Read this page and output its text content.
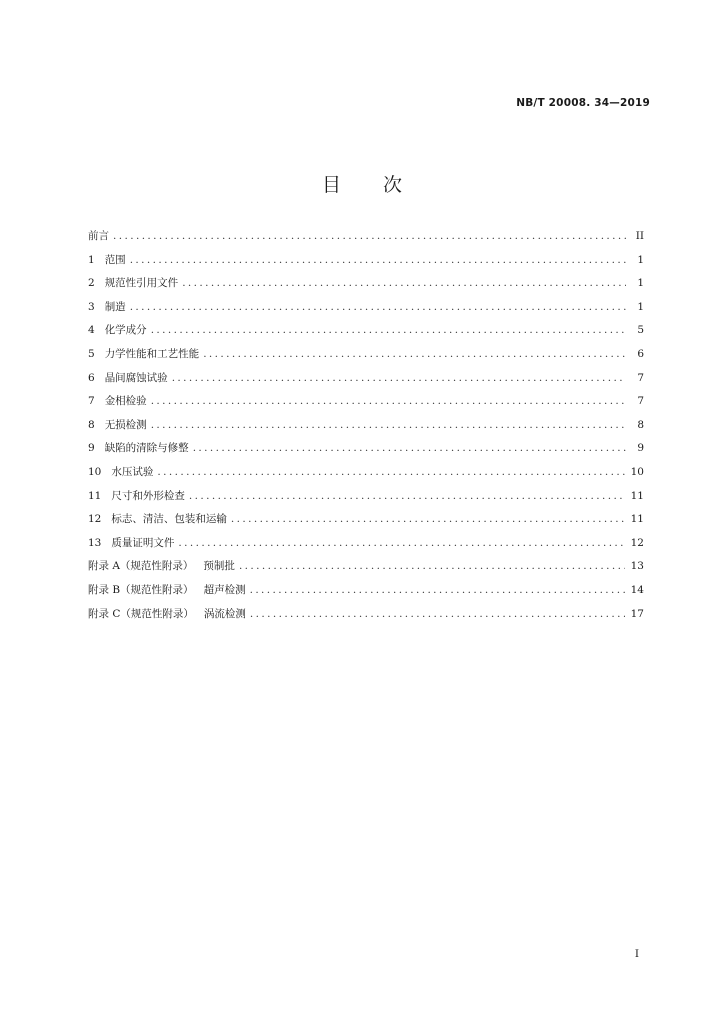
NB/T 20008. 34—2019
目 次
前言 .....	II
1 范围 .....	1
2 规范性引用文件 .....	1
3 制造 .....	1
4 化学成分 .....	5
5 力学性能和工艺性能 .....	6
6 晶间腐蚀试验 .....	7
7 金相检验 .....	7
8 无损检测 .....	8
9 缺陷的清除与修整 .....	9
10 水压试验 .....	10
11 尺寸和外形检查 .....	11
12 标志、清洁、包装和运输 .....	11
13 质量证明文件 .....	12
附录 A（规范性附录）   预制批 .....	13
附录 B（规范性附录）   超声检测 .....	14
附录 C（规范性附录）   涡流检测 .....	17
I
